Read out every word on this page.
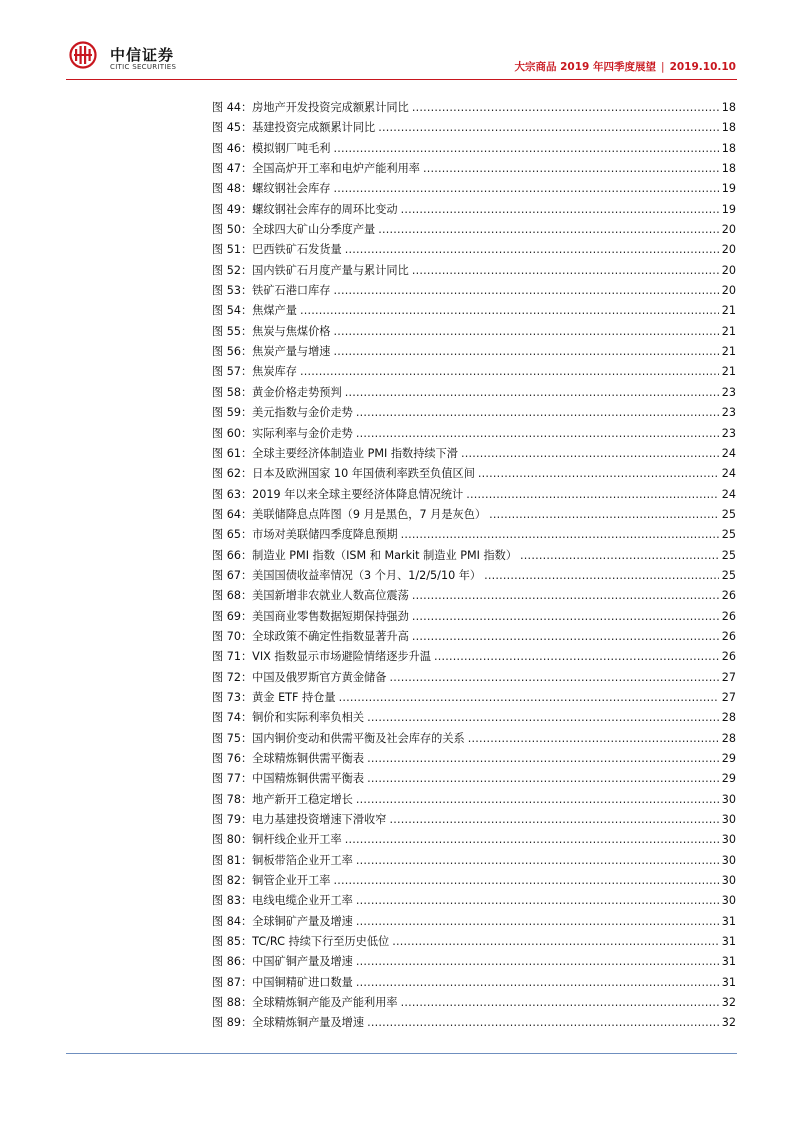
中信证券
CITIC SECURITIES	大宗商品 2019 年四季度展望 | 2019.10.10
图 44： 房地产开发投资完成额累计同比 .....	18
图 45： 基建投资完成额累计同比 .....	18
图 46： 模拟钢厂吨毛利 .....	18
图 47： 全国高炉开工率和电炉产能利用率 .....	18
图 48： 螺纹钢社会库存 .....	19
图 49： 螺纹钢社会库存的周环比变动 .....	19
图 50： 全球四大矿山分季度产量 .....	20
图 51： 巴西铁矿石发货量 .....	20
图 52： 国内铁矿石月度产量与累计同比 .....	20
图 53： 铁矿石港口库存 .....	20
图 54： 焦煤产量 .....	21
图 55： 焦炭与焦煤价格 .....	21
图 56： 焦炭产量与增速 .....	21
图 57： 焦炭库存 .....	21
图 58： 黄金价格走势预判 .....	23
图 59： 美元指数与金价走势 .....	23
图 60： 实际利率与金价走势 .....	23
图 61： 全球主要经济体制造业 PMI 指数持续下滑 .....	24
图 62： 日本及欧洲国家 10 年国债利率跌至负值区间 .....	24
图 63： 2019 年以来全球主要经济体降息情况统计 .....	24
图 64： 美联储降息点阵图（9 月是黑色，7 月是灰色） .....	25
图 65： 市场对美联储四季度降息预期 .....	25
图 66： 制造业 PMI 指数（ISM 和 Markit 制造业 PMI 指数） .....	25
图 67： 美国国债收益率情况（3 个月、1/2/5/10 年） .....	25
图 68： 美国新增非农就业人数高位震荡 .....	26
图 69： 美国商业零售数据短期保持强劲 .....	26
图 70： 全球政策不确定性指数显著升高 .....	26
图 71： VIX 指数显示市场避险情绪逐步升温 .....	26
图 72： 中国及俄罗斯官方黄金储备 .....	27
图 73： 黄金 ETF 持仓量 .....	27
图 74： 铜价和实际利率负相关 .....	28
图 75： 国内铜价变动和供需平衡及社会库存的关系 .....	28
图 76： 全球精炼铜供需平衡表 .....	29
图 77： 中国精炼铜供需平衡表 .....	29
图 78： 地产新开工稳定增长 .....	30
图 79： 电力基建投资增速下滑收窄 .....	30
图 80： 铜杆线企业开工率 .....	30
图 81： 铜板带箔企业开工率 .....	30
图 82： 铜管企业开工率 .....	30
图 83： 电线电缆企业开工率 .....	30
图 84： 全球铜矿产量及增速 .....	31
图 85： TC/RC 持续下行至历史低位 .....	31
图 86： 中国矿铜产量及增速 .....	31
图 87： 中国铜精矿进口数量 .....	31
图 88： 全球精炼铜产能及产能利用率 .....	32
图 89： 全球精炼铜产量及增速 .....	32
